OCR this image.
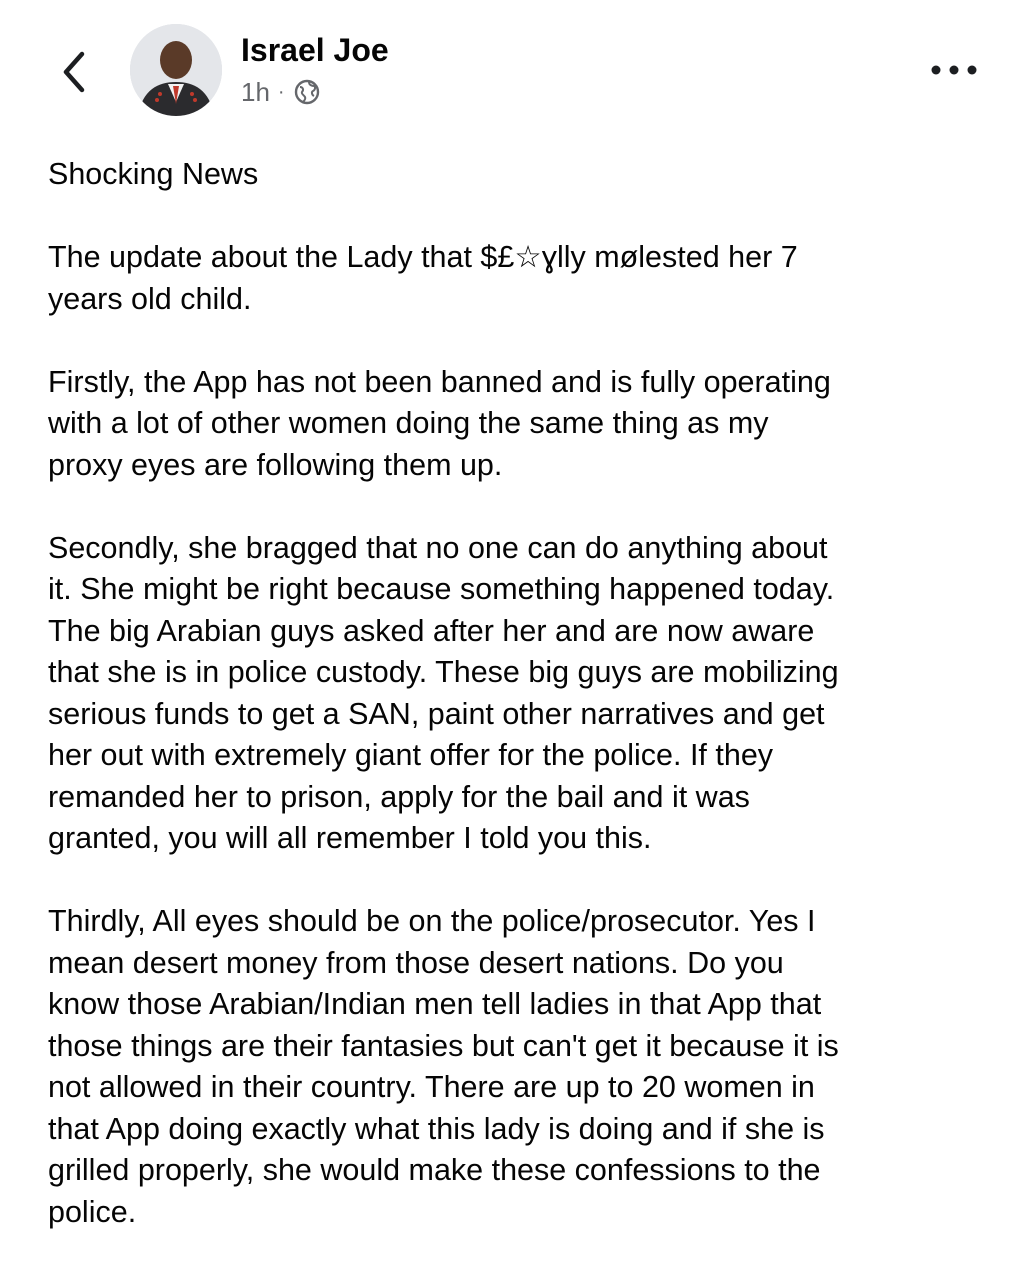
Israel Joe
1h ·

Shocking News

The update about the Lady that $£☆ɣlly mølested her 7
years old child.

Firstly, the App has not been banned and is fully operating
with a lot of other women doing the same thing as my
proxy eyes are following them up.

Secondly, she bragged that no one can do anything about
it. She might be right because something happened today.
The big Arabian guys asked after her and are now aware
that she is in police custody. These big guys are mobilizing
serious funds to get a SAN, paint other narratives and get
her out with extremely giant offer for the police. If they
remanded her to prison, apply for the bail and it was
granted, you will all remember I told you this.

Thirdly, All eyes should be on the police/prosecutor. Yes I
mean desert money from those desert nations. Do you
know those Arabian/Indian men tell ladies in that App that
those things are their fantasies but can't get it because it is
not allowed in their country. There are up to 20 women in
that App doing exactly what this lady is doing and if she is
grilled properly, she would make these confessions to the
police.
